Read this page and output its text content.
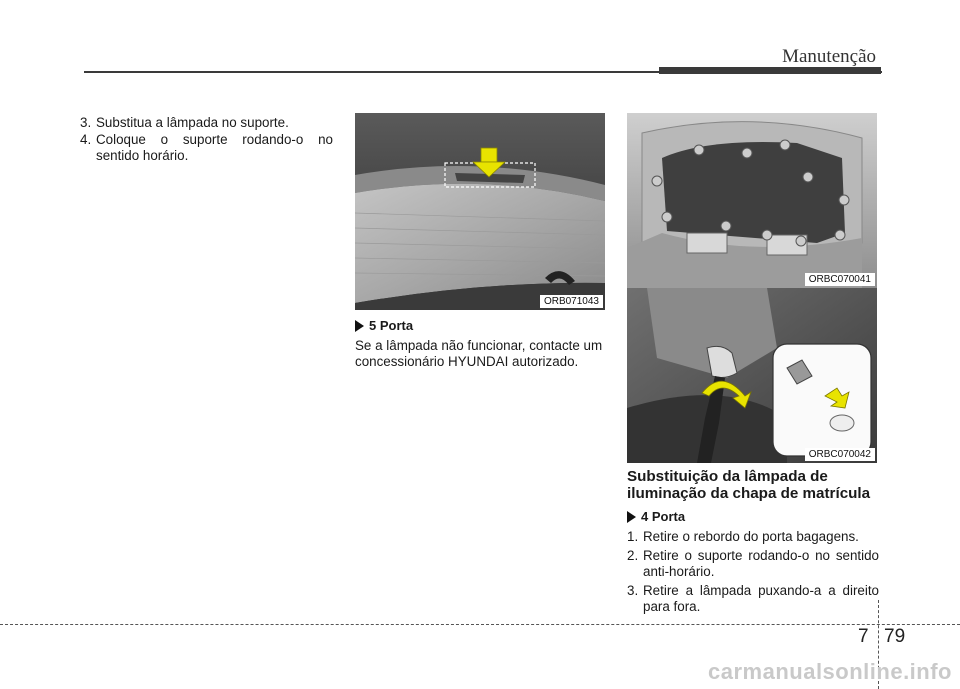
Manutenção
3. Substitua a lâmpada no suporte.
4. Coloque o suporte rodando-o no sentido horário.
ORB071043
5 Porta
Se a lâmpada não funcionar, contacte um concessionário HYUNDAI autorizado.
ORBC070041
ORBC070042
Substituição da lâmpada de iluminação da chapa de matrícula
4 Porta
1. Retire o rebordo do porta bagagens.
2. Retire o suporte rodando-o no sentido anti-horário.
3. Retire a lâmpada puxando-a a direito para fora.
7 79
carmanualsonline.info
